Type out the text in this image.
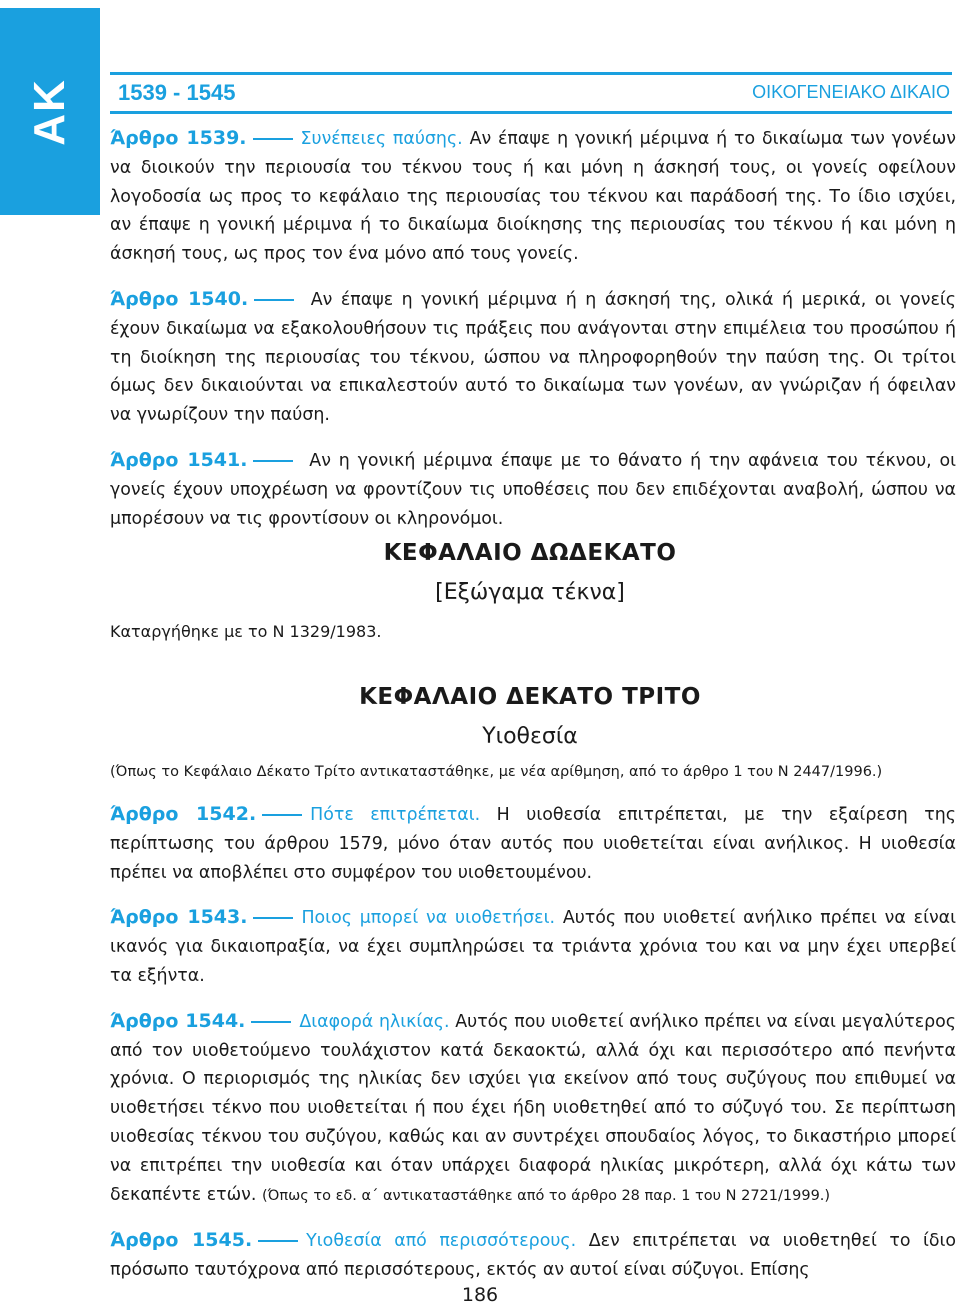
ΑΚ 1539 - 1545	ΟΙΚΟΓΕΝΕΙΑΚΟ ΔΙΚΑΙΟ

Άρθρο 1539.	Συνέπειες παύσης. Αν έπαψε η γονική μέριμνα ή το δικαίωμα των γονέων να διοικούν την περιουσία του τέκνου τους ή και μόνη η άσκησή τους, οι γονείς οφείλουν λογοδοσία ως προς το κεφάλαιο της περιουσίας του τέκνου και παράδοσή της. Το ίδιο ισχύει, αν έπαψε η γονική μέριμνα ή το δικαίωμα διοίκησης της περιουσίας του τέκνου ή και μόνη η άσκησή τους, ως προς τον ένα μόνο από τους γονείς.

Άρθρο 1540.	Αν έπαψε η γονική μέριμνα ή η άσκησή της, ολικά ή μερικά, οι γονείς έχουν δικαίωμα να εξακολουθήσουν τις πράξεις που ανάγονται στην επιμέλεια του προσώπου ή τη διοίκηση της περιουσίας του τέκνου, ώσπου να πληροφορηθούν την παύση της. Οι τρίτοι όμως δεν δικαιούνται να επικαλεστούν αυτό το δικαίωμα των γονέων, αν γνώριζαν ή όφειλαν να γνωρίζουν την παύση.

Άρθρο 1541.	Αν η γονική μέριμνα έπαψε με το θάνατο ή την αφάνεια του τέκνου, οι γονείς έχουν υποχρέωση να φροντίζουν τις υποθέσεις που δεν επιδέχονται αναβολή, ώσπου να μπορέσουν να τις φροντίσουν οι κληρονόμοι.

ΚΕΦΑΛΑΙΟ ΔΩΔΕΚΑΤΟ
[Εξώγαμα τέκνα]
Καταργήθηκε με το Ν 1329/1983.
ΚΕΦΑΛΑΙΟ ΔΕΚΑΤΟ ΤΡΙΤΟ
Υιοθεσία
(Όπως το Κεφάλαιο Δέκατο Τρίτο αντικαταστάθηκε, με νέα αρίθμηση, από το άρθρο 1 του Ν 2447/1996.)

Άρθρο 1542.	Πότε επιτρέπεται. Η υιοθεσία επιτρέπεται, με την εξαίρεση της περίπτωσης του άρθρου 1579, μόνο όταν αυτός που υιοθετείται είναι ανήλικος. Η υιοθεσία πρέπει να αποβλέπει στο συμφέρον του υιοθετουμένου.

Άρθρο 1543.	Ποιος μπορεί να υιοθετήσει. Αυτός που υιοθετεί ανήλικο πρέπει να είναι ικανός για δικαιοπραξία, να έχει συμπληρώσει τα τριάντα χρόνια του και να μην έχει υπερβεί τα εξήντα.

Άρθρο 1544.	Διαφορά ηλικίας. Αυτός που υιοθετεί ανήλικο πρέπει να είναι μεγαλύτερος από τον υιοθετούμενο τουλάχιστον κατά δεκαοκτώ, αλλά όχι και περισσότερο από πενήντα χρόνια. Ο περιορισμός της ηλικίας δεν ισχύει για εκείνον από τους συζύγους που επιθυμεί να υιοθετήσει τέκνο που υιοθετείται ή που έχει ήδη υιοθετηθεί από το σύζυγό του. Σε περίπτωση υιοθεσίας τέκνου του συζύγου, καθώς και αν συντρέχει σπουδαίος λόγος, το δικαστήριο μπορεί να επιτρέπει την υιοθεσία και όταν υπάρχει διαφορά ηλικίας μικρότερη, αλλά όχι κάτω των δεκαπέντε ετών. (Όπως το εδ. α΄ αντικαταστάθηκε από το άρθρο 28 παρ. 1 του Ν 2721/1999.)

Άρθρο 1545.	Υιοθεσία από περισσότερους. Δεν επιτρέπεται να υιοθετηθεί το ίδιο πρόσωπο ταυτόχρονα από περισσότερους, εκτός αν αυτοί είναι σύζυγοι. Επίσης

186
